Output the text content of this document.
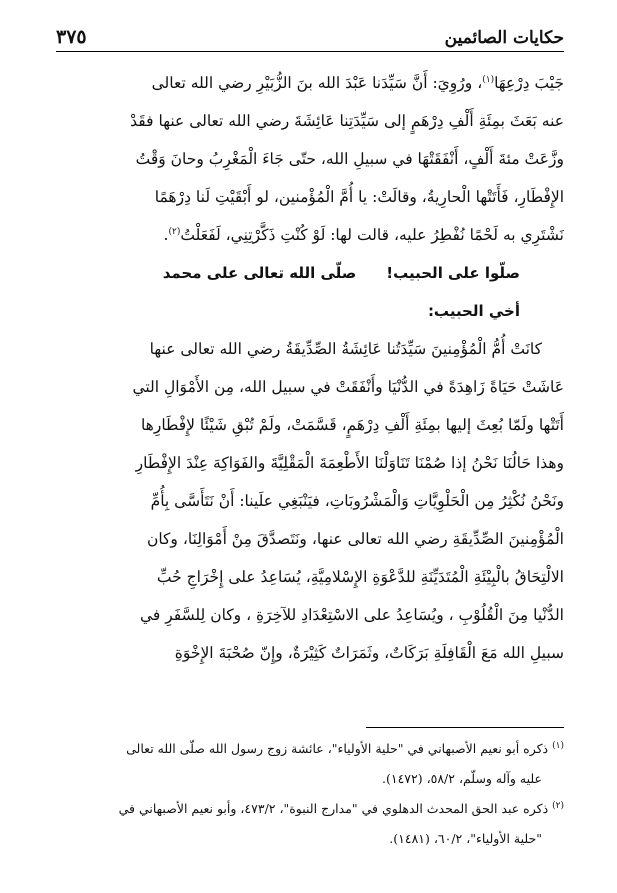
٣٧٥	حكايات الصائمين
جَيْبَ دِرْعِهَا$^{(١)}$، ورُوِيَ: أَنَّ سَيِّدَنا عَبْدَ الله بنَ الزُّبَيْرِ رضي الله تعالى
عنه بَعَثَ بمِئَةِ أَلْفِ دِرْهَمٍ إلى سَيِّدَتِنا عَائِشَةَ رضي الله تعالى عنها فقَدْ
وزَّعَتْ مئةَ أَلْفٍ، أَنْفَقَتْهَا في سبيلِ الله، حتّى جَاءَ الْمَغْرِبُ وحانَ وَقْتُ
الإِفْطَارِ، فَأَتَتْها الْحارِيةُ، وقالَتْ: يا أُمَّ الْمُؤْمنين، لو أَبْقَيْتِ لَنا دِرْهَمًا
نَشْتَرِي به لَحْمًا نُفْطِرُ عليه، قالت لها: لَوْ كُنْتِ ذَكَّرْتِنِي، لَفَعَلْتُ$^{(٢)}$.
صلّوا على الحبيب!
صلّى الله تعالى على محمد
أخي الحبيب:
كانَتْ أُمُّ الْمُؤْمِنينَ سَيِّدَتُنا عَائِشَةُ الصِّدِّيقَةُ رضي الله تعالى عنها
عَاشَتْ حَيَاةً زَاهِدَةً في الدُّنْيَا وأَنْفَقَتْ في سبيل الله، مِن الأَمْوَالِ التي
أَتَتْها ولَمّا بُعِثَ إليها بمِئَةِ أَلْفِ دِرْهَمٍ، قَسَّمَتْ، ولَمْ تُبْقِ شَيْئًا لإِفْطَارِها
وهذا حَالُنَا نَحْنُ إذا صُمْنَا تَنَاوَلْنَا الأَطْعِمَةَ الْمَقْلِيَّةَ والفَوَاكِهَ عِنْدَ الإِفْطَارِ
ونَحْنُ نُكْثِرُ مِن الْحَلْوِيَّاتِ وَالْمَشْرُوبَاتِ، فيَنْبَغِي علَينا: أَنْ نَتَأَسَّى بِأُمِّ
الْمُؤْمِنينَ الصِّدِّيقَةِ رضي الله تعالى عنها، ونَتَصدَّقَ مِنْ أَمْوَالِنَا، وكان
الالْتِحَاقُ بالْبِيْئَةِ الْمُتَدَيِّنَةِ للدَّعْوَةِ الإِسْلامِيَّةِ، يُسَاعِدُ على إِخْرَاجِ حُبِّ
الدُّنْيا مِنَ الْقُلُوْبِ ، ويُسَاعِدُ على الاسْتِعْدَادِ للآخِرَةِ ، وكان لِلسَّفَرِ في
سبيلِ الله مَعَ الْقَافِلَةِ بَرَكَاتٌ، وثَمَرَاتٌ كَثِيْرَةٌ، وإِنّ صُحْبَةَ الإِخْوَةِ
$^{(١)}$ ذكره أبو نعيم الأصبهاني في "حلية الأولياء"، عائشة زوج رسول الله صلّى الله تعالى
عليه وآله وسلّم، ٥٨/٢، (١٤٧٢).
$^{(٢)}$ ذكره عبد الحق المحدث الدهلوي في "مدارج النبوة"، ٤٧٣/٢، وأبو نعيم الأصبهاني في
"حلية الأولياء"، ٦٠/٢، (١٤٨١).
